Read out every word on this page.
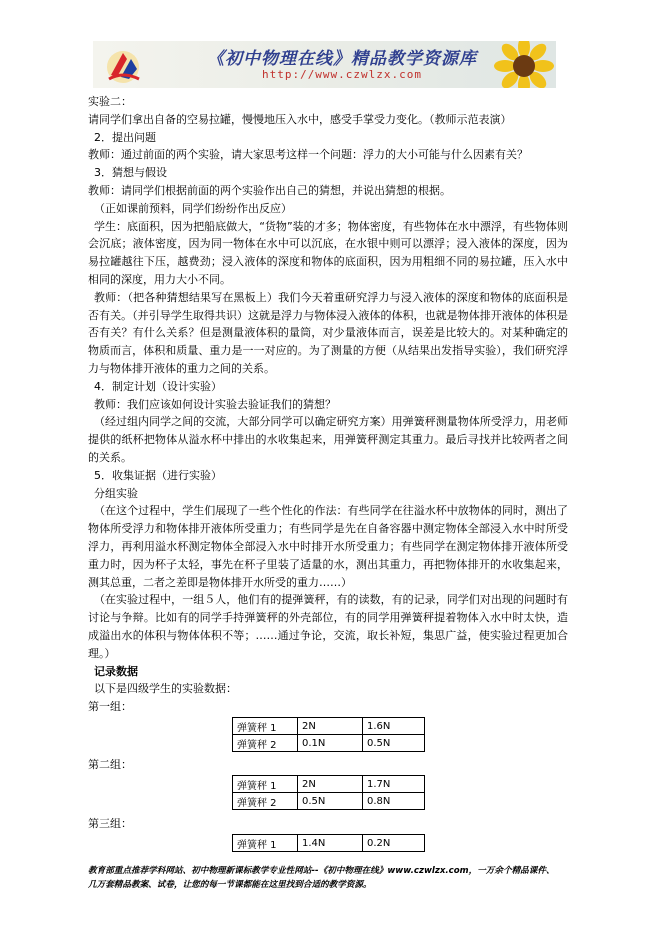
《初中物理在线》精品教学资源库
http://www.czwlzx.com

实验二：

请同学们拿出自备的空易拉罐，慢慢地压入水中，感受手掌受力变化。（教师示范表演）

2．提出问题

教师：通过前面的两个实验，请大家思考这样一个问题：浮力的大小可能与什么因素有关？

3．猜想与假设

教师：请同学们根据前面的两个实验作出自己的猜想，并说出猜想的根据。

（正如课前预料，同学们纷纷作出反应）

学生：底面积，因为把船底做大，“货物”装的才多；物体密度，有些物体在水中漂浮，有些物体则会沉底；液体密度，因为同一物体在水中可以沉底，在水银中则可以漂浮；浸入液体的深度，因为易拉罐越往下压，越费劲；浸入液体的深度和物体的底面积，因为用粗细不同的易拉罐，压入水中相同的深度，用力大小不同。

教师：（把各种猜想结果写在黑板上）我们今天着重研究浮力与浸入液体的深度和物体的底面积是否有关。（并引导学生取得共识）这就是浮力与物体浸入液体的体积，也就是物体排开液体的体积是否有关？有什么关系？但是测量液体积的量筒，对少量液体而言，误差是比较大的。对某种确定的物质而言，体积和质量、重力是一一对应的。为了测量的方便（从结果出发指导实验），我们研究浮力与物体排开液体的重力之间的关系。

4．制定计划（设计实验）

教师：我们应该如何设计实验去验证我们的猜想？

（经过组内同学之间的交流，大部分同学可以确定研究方案）用弹簧秤测量物体所受浮力，用老师提供的纸杯把物体从溢水杯中排出的水收集起来，用弹簧秤测定其重力。最后寻找并比较两者之间的关系。

5．收集证据（进行实验）

分组实验

（在这个过程中，学生们展现了一些个性化的作法：有些同学在往溢水杯中放物体的同时，测出了物体所受浮力和物体排开液体所受重力；有些同学是先在自备容器中测定物体全部浸入水中时所受浮力，再利用溢水杯测定物体全部浸入水中时排开水所受重力；有些同学在测定物体排开液体所受重力时，因为杯子太轻，事先在杯子里装了适量的水，测出其重力，再把物体排开的水收集起来，测其总重，二者之差即是物体排开水所受的重力……）

（在实验过程中，一组５人，他们有的提弹簧秤，有的读数，有的记录，同学们对出现的问题时有讨论与争辩。比如有的同学手持弹簧秤的外壳部位，有的同学用弹簧秤提着物体入水中时太快，造成溢出水的体积与物体体积不等；……通过争论，交流，取长补短，集思广益，使实验过程更加合理。）

记录数据

以下是四级学生的实验数据：

第一组：

弹簧秤 1	2N	1.6N
弹簧秤 2	0.1N	0.5N

第二组：

弹簧秤 1	2N	1.7N
弹簧秤 2	0.5N	0.8N

第三组：

弹簧秤 1	1.4N	0.2N
教育部重点推荐学科网站、初中物理新课标教学专业性网站--《初中物理在线》www.czwlzx.com，一万余个精品课件、
几万套精品教案、试卷，让您的每一节课都能在这里找到合适的教学资源。
